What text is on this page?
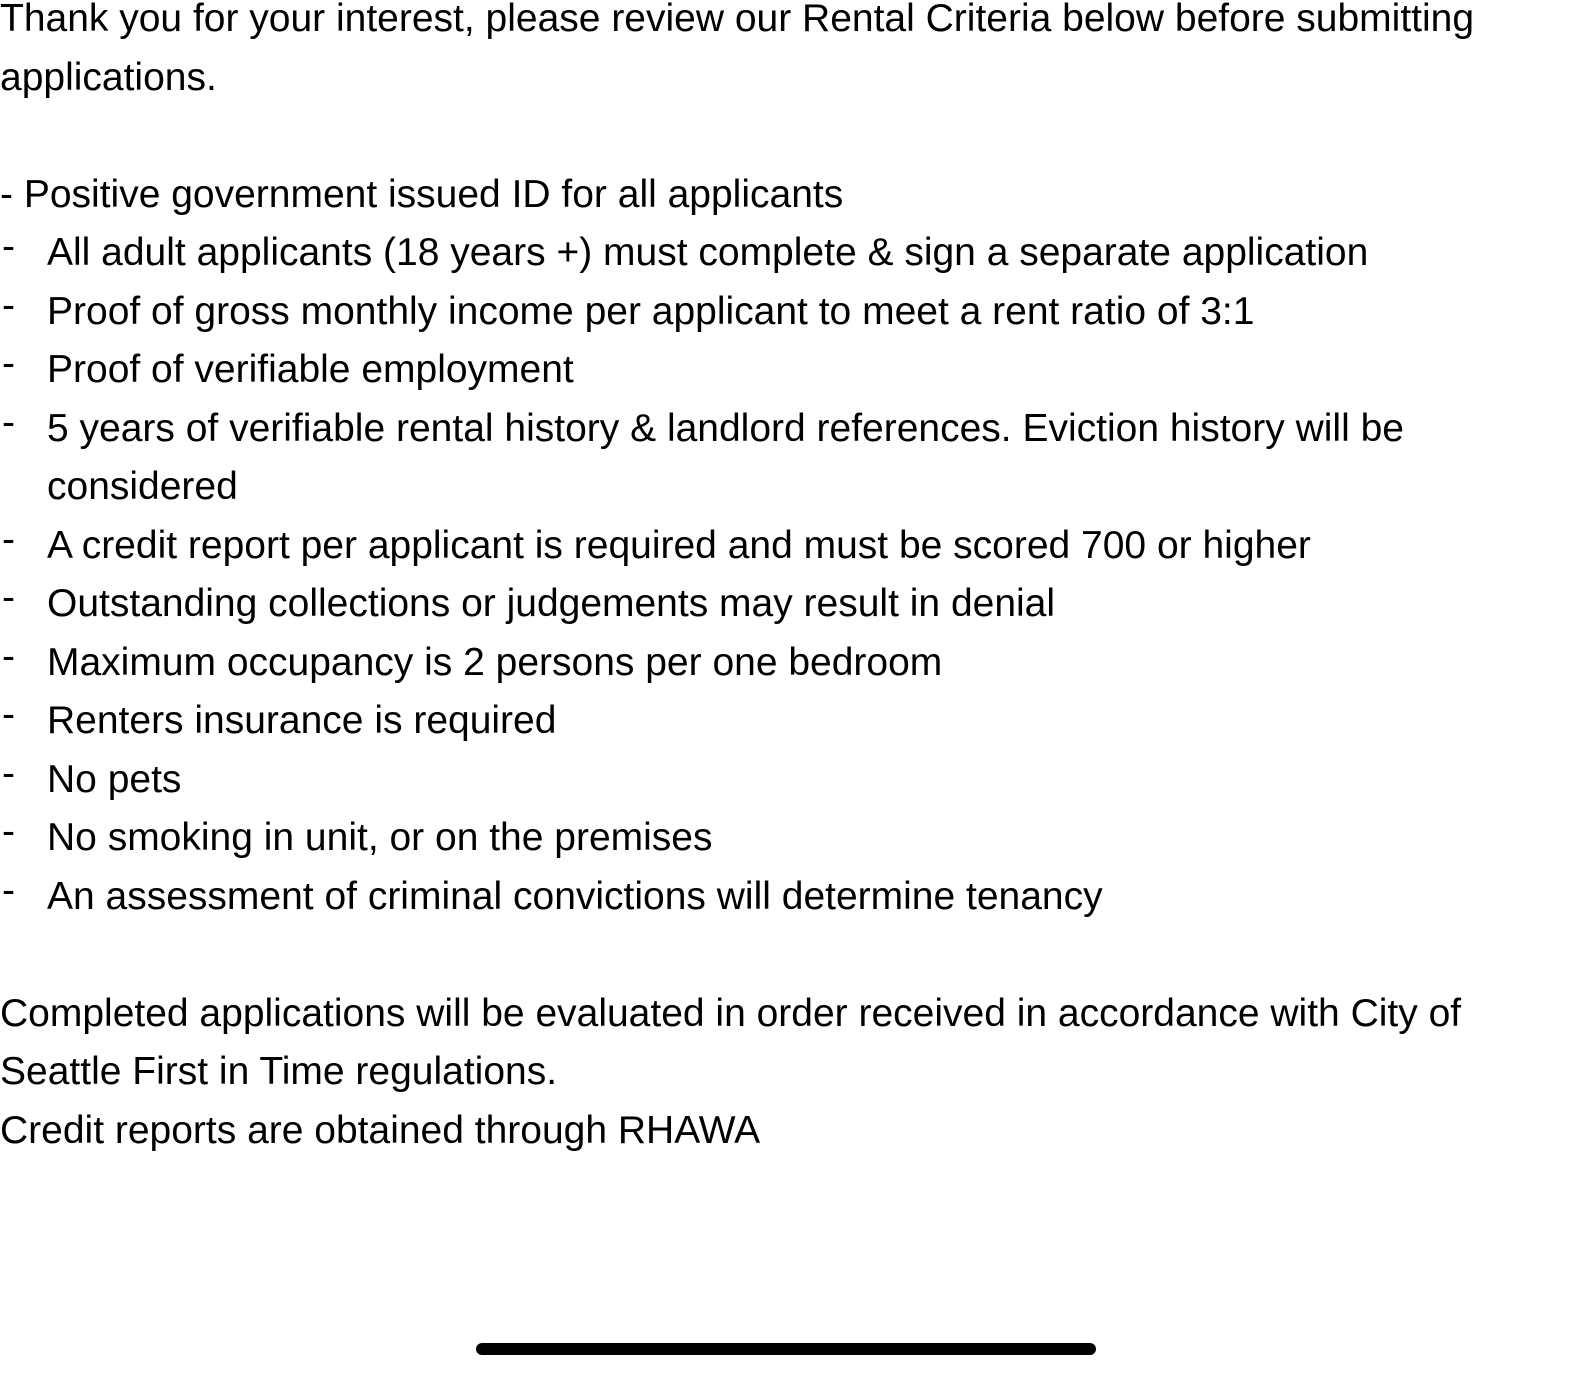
Thank you for your interest, please review our Rental Criteria below before submitting applications.

- Positive government issued ID for all applicants

- All adult applicants (18 years +) must complete & sign a separate application
- Proof of gross monthly income per applicant to meet a rent ratio of 3:1
- Proof of verifiable employment
- 5 years of verifiable rental history & landlord references. Eviction history will be considered
- A credit report per applicant is required and must be scored 700 or higher
- Outstanding collections or judgements may result in denial
- Maximum occupancy is 2 persons per one bedroom
- Renters insurance is required
- No pets
- No smoking in unit, or on the premises
- An assessment of criminal convictions will determine tenancy

Completed applications will be evaluated in order received in accordance with City of Seattle First in Time regulations.

Credit reports are obtained through RHAWA
